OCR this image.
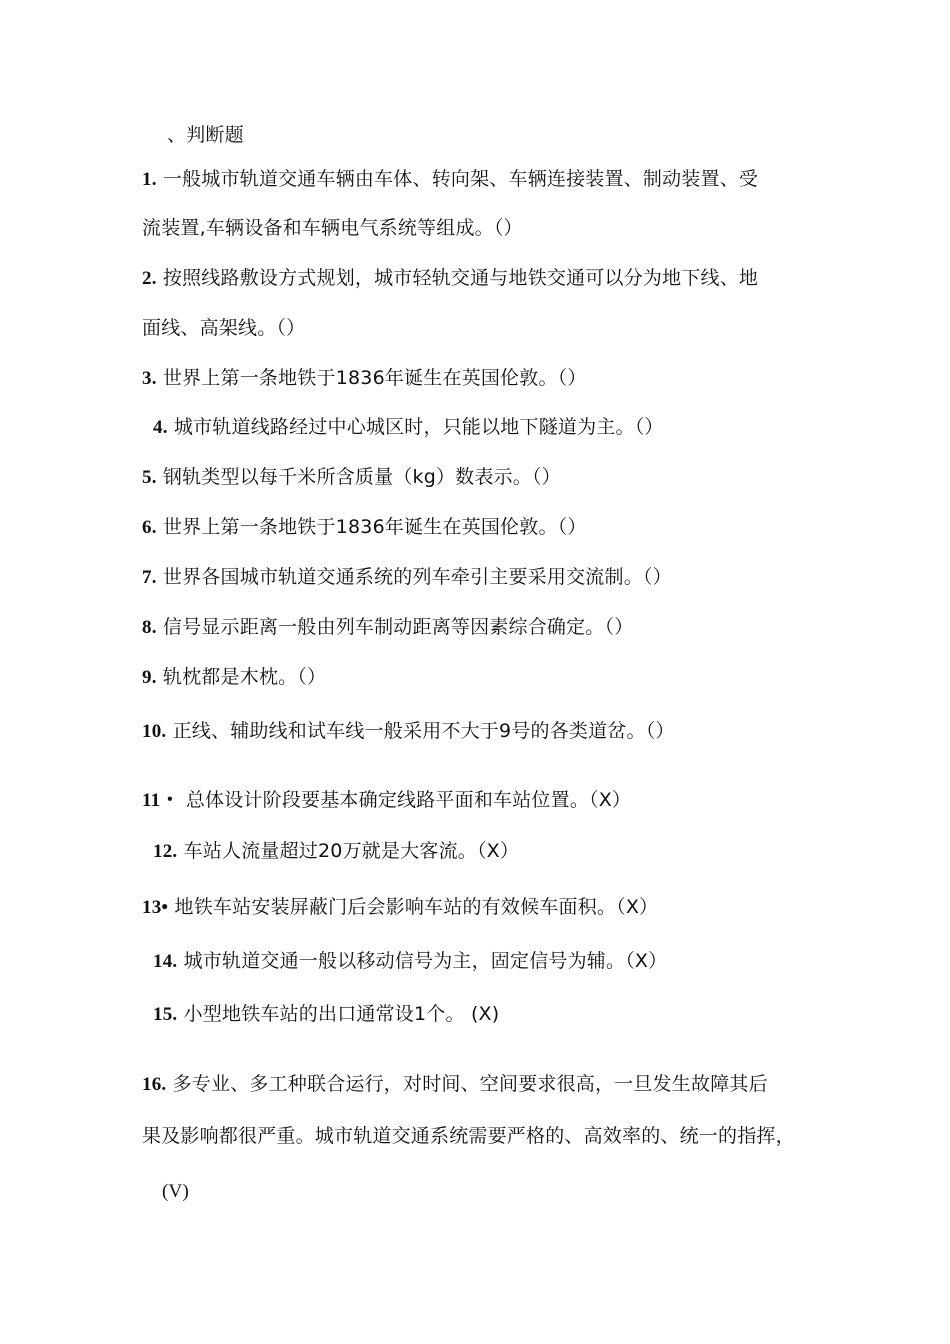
、判断题
1. 一般城市轨道交通车辆由车体、转向架、车辆连接装置、制动装置、受
流装置,车辆设备和车辆电气系统等组成。（）
2. 按照线路敷设方式规划，城市轻轨交通与地铁交通可以分为地下线、地
面线、高架线。（）
3. 世界上第一条地铁于1836年诞生在英国伦敦。（）
4. 城市轨道线路经过中心城区时，只能以地下隧道为主。（）
5. 钢轨类型以每千米所含质量（kg）数表示。（）
6. 世界上第一条地铁于1836年诞生在英国伦敦。（）
7. 世界各国城市轨道交通系统的列车牵引主要采用交流制。（）
8. 信号显示距离一般由列车制动距离等因素综合确定。（）
9. 轨枕都是木枕。（）
10. 正线、辅助线和试车线一般采用不大于9号的各类道岔。（）
11・ 总体设计阶段要基本确定线路平面和车站位置。（X）
12. 车站人流量超过20万就是大客流。（X）
13• 地铁车站安装屏蔽门后会影响车站的有效候车面积。（X）
14. 城市轨道交通一般以移动信号为主，固定信号为辅。（X）
15. 小型地铁车站的出口通常设1个。 (X)
16. 多专业、多工种联合运行，对时间、空间要求很高，一旦发生故障其后
果及影响都很严重。城市轨道交通系统需要严格的、高效率的、统一的指挥，
(V)
